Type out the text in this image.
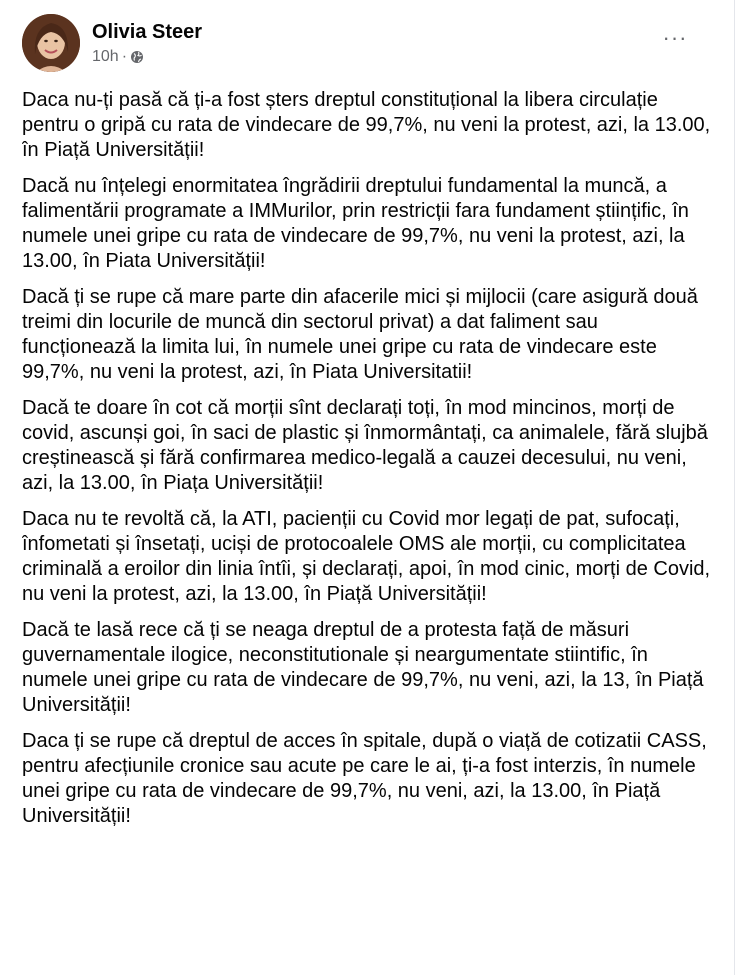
Olivia Steer
10h ·
···

Daca nu-ți pasă că ți-a fost șters dreptul constituțional la libera circulație pentru o gripă cu rata de vindecare de 99,7%, nu veni la protest, azi, la 13.00, în Piață Universității!

Dacă nu înțelegi enormitatea îngrădirii dreptului fundamental la muncă, a falimentării programate a IMMurilor, prin restricții fara fundament științific, în numele unei gripe cu rata de vindecare de 99,7%, nu veni la protest, azi, la 13.00, în Piata Universității!

Dacă ți se rupe că mare parte din afacerile mici și mijlocii (care asigură două treimi din locurile de muncă din sectorul privat) a dat faliment sau funcționează la limita lui, în numele unei gripe cu rata de vindecare este 99,7%, nu veni la protest, azi, în Piata Universitatii!

Dacă te doare în cot că morții sînt declarați toți, în mod mincinos, morți de covid, ascunși goi, în saci de plastic și înmormântați, ca animalele, fără slujbă creștinească și fără confirmarea medico-legală a cauzei decesului, nu veni, azi, la 13.00, în Piața Universității!

Daca nu te revoltă că, la ATI, pacienții cu Covid mor legați de pat, sufocați, înfometati și însetați, uciși de protocoalele OMS ale morții, cu complicitatea criminală a eroilor din linia întîi, și declarați, apoi, în mod cinic, morți de Covid, nu veni la protest, azi, la 13.00, în Piață Universității!

Dacă te lasă rece că ți se neaga dreptul de a protesta față de măsuri guvernamentale ilogice, neconstitutionale și neargumentate stiintific, în numele unei gripe cu rata de vindecare de 99,7%, nu veni, azi, la 13, în Piață Universității!

Daca ți se rupe că dreptul de acces în spitale, după o viață de cotizatii CASS, pentru afecțiunile cronice sau acute pe care le ai, ți-a fost interzis, în numele unei gripe cu rata de vindecare de 99,7%, nu veni, azi, la 13.00, în Piață Universității!
